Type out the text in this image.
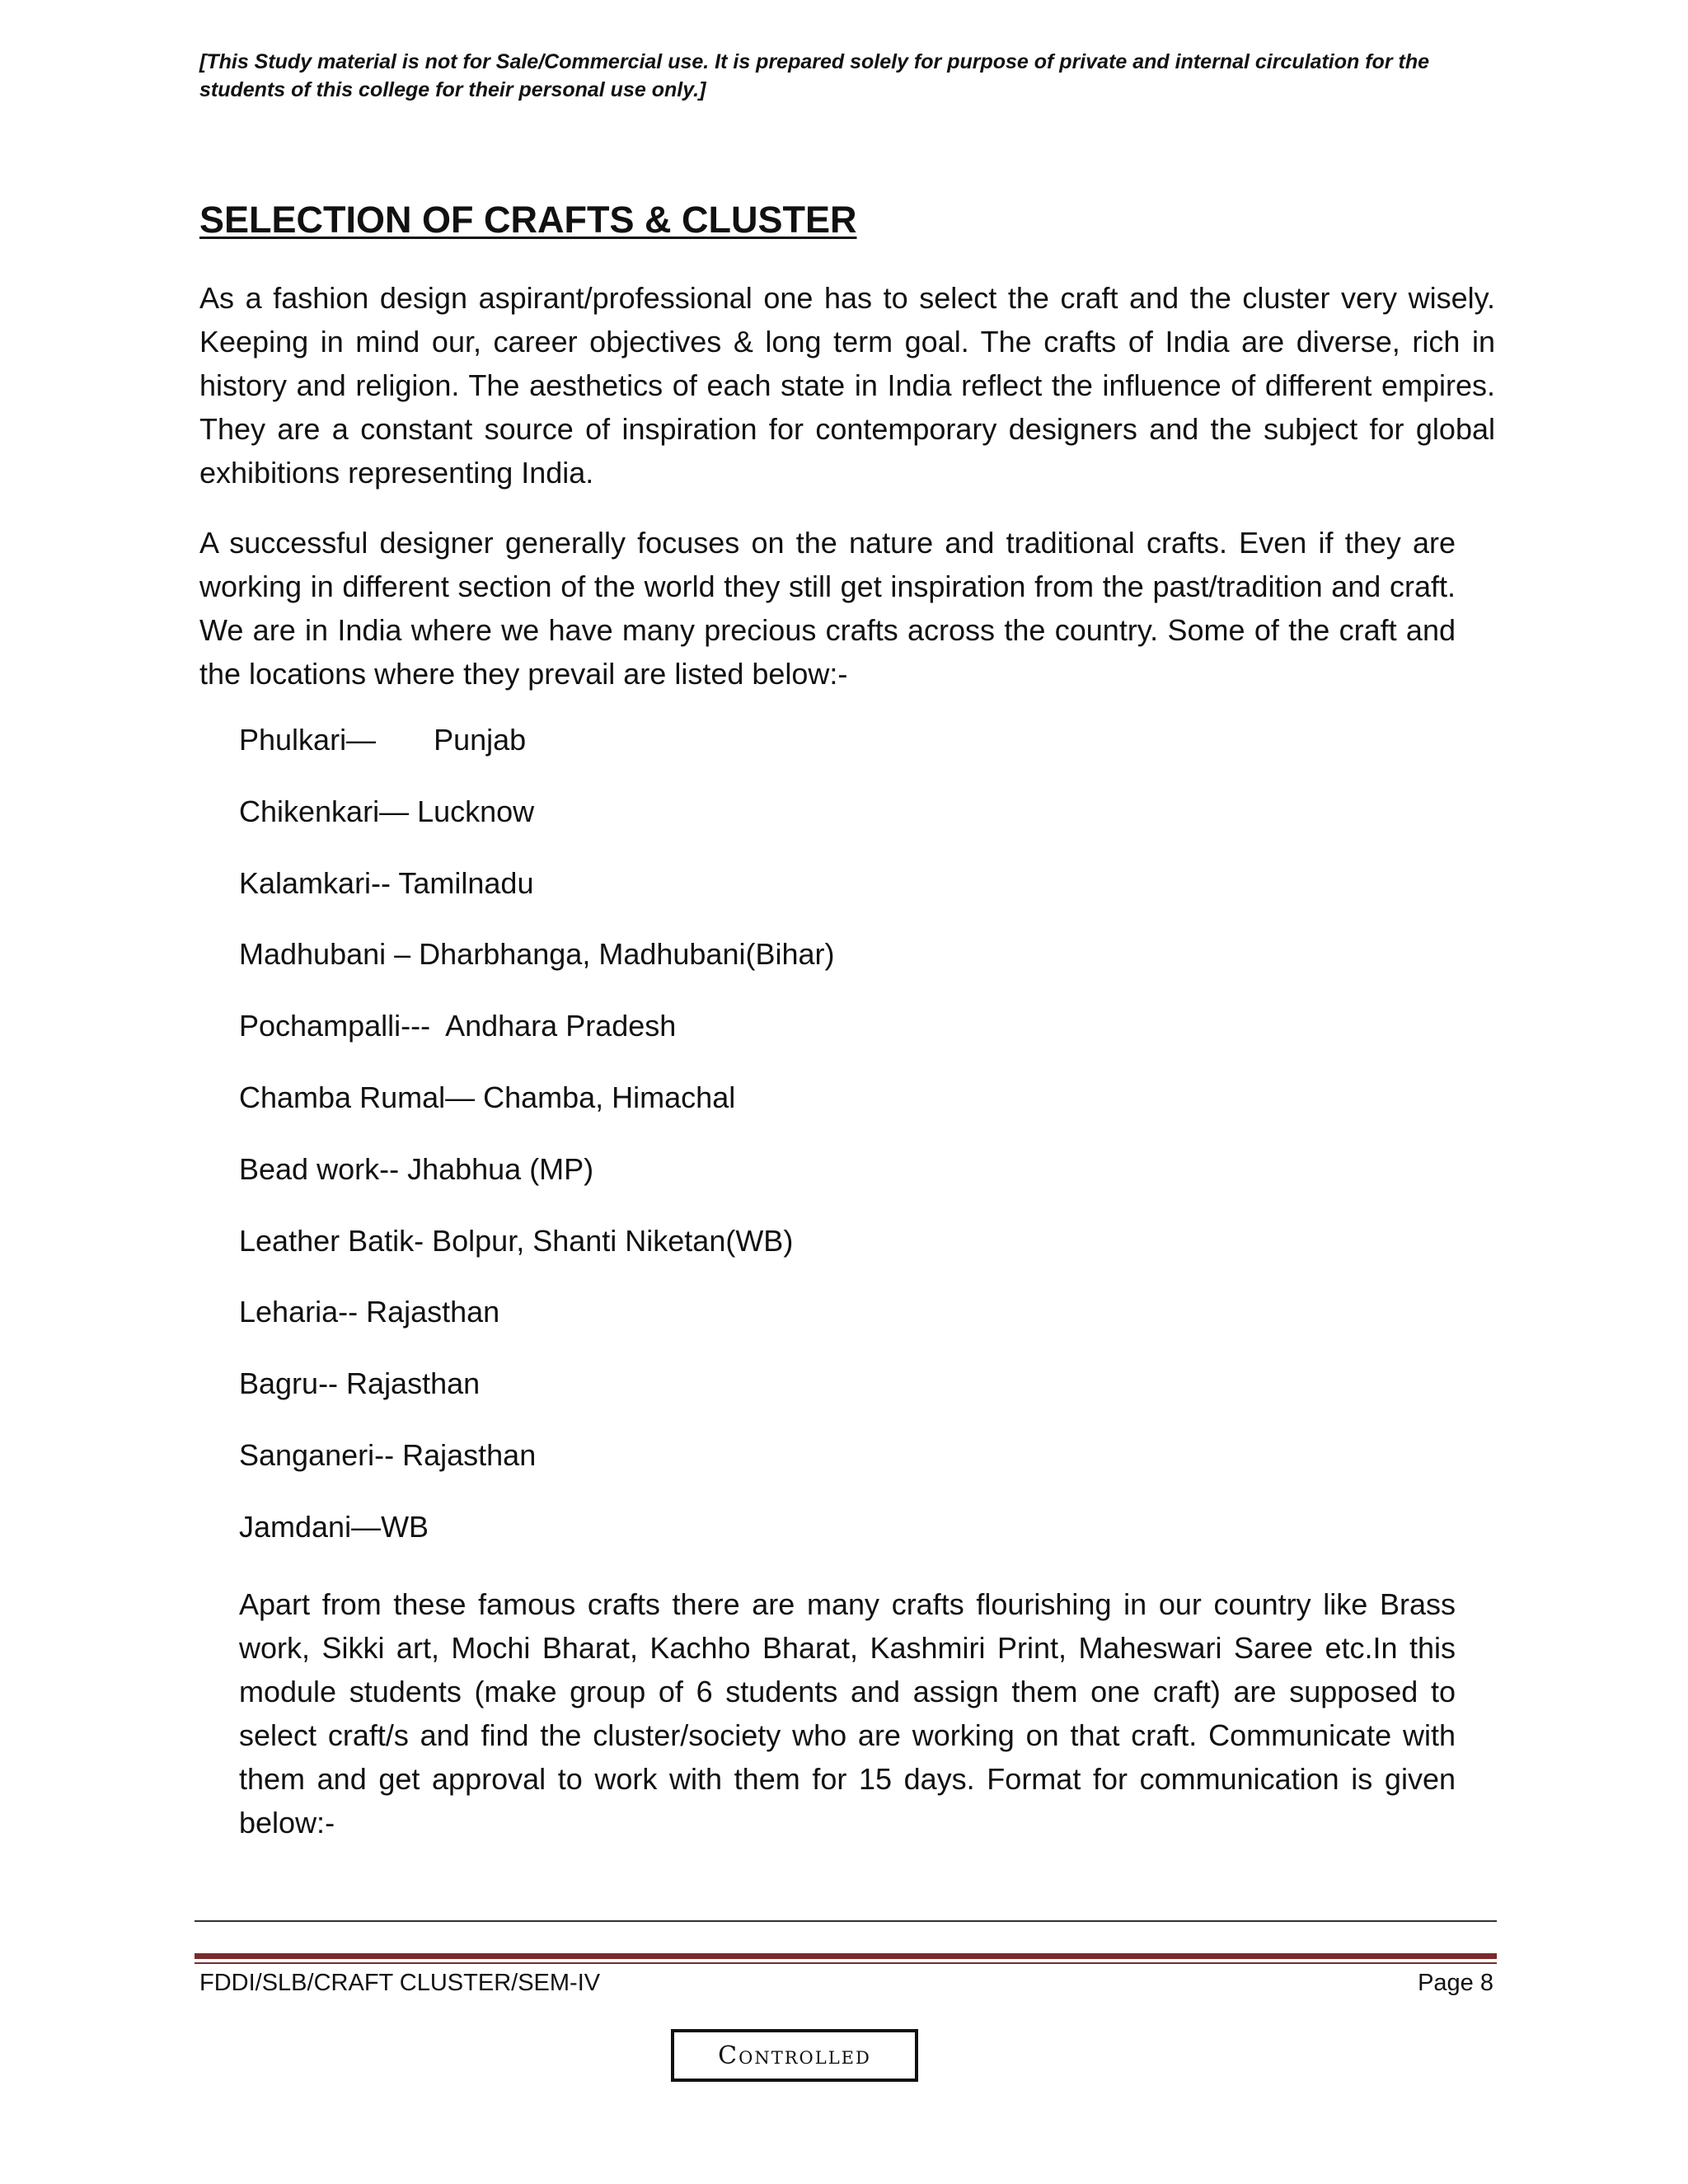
[This Study material is not for Sale/Commercial use. It is prepared solely for purpose of private and internal circulation for the students of this college for their personal use only.]

SELECTION OF CRAFTS & CLUSTER

As a fashion design aspirant/professional one has to select the craft and the cluster very wisely. Keeping in mind our, career objectives & long term goal. The crafts of India are diverse, rich in history and religion. The aesthetics of each state in India reflect the influence of different empires. They are a constant source of inspiration for contemporary designers and the subject for global exhibitions representing India.

A successful designer generally focuses on the nature and traditional crafts. Even if they are working in different section of the world they still get inspiration from the past/tradition and craft. We are in India where we have many precious crafts across the country. Some of the craft and the locations where they prevail are listed below:-

Phulkari—       Punjab
Chikenkari— Lucknow
Kalamkari-- Tamilnadu
Madhubani – Dharbhanga, Madhubani(Bihar)
Pochampalli---  Andhara Pradesh
Chamba Rumal— Chamba, Himachal
Bead work-- Jhabhua (MP)
Leather Batik- Bolpur, Shanti Niketan(WB)
Leharia-- Rajasthan
Bagru-- Rajasthan
Sanganeri-- Rajasthan
Jamdani—WB

Apart from these famous crafts there are many crafts flourishing in our country like Brass work, Sikki art, Mochi Bharat, Kachho Bharat, Kashmiri Print, Maheswari Saree etc.In this module students (make group of 6 students and assign them one craft) are supposed to select craft/s and find the cluster/society who are working on that craft. Communicate with them and get approval to work with them for 15 days. Format for communication is given below:-

FDDI/SLB/CRAFT CLUSTER/SEM-IV	Page 8
Controlled
